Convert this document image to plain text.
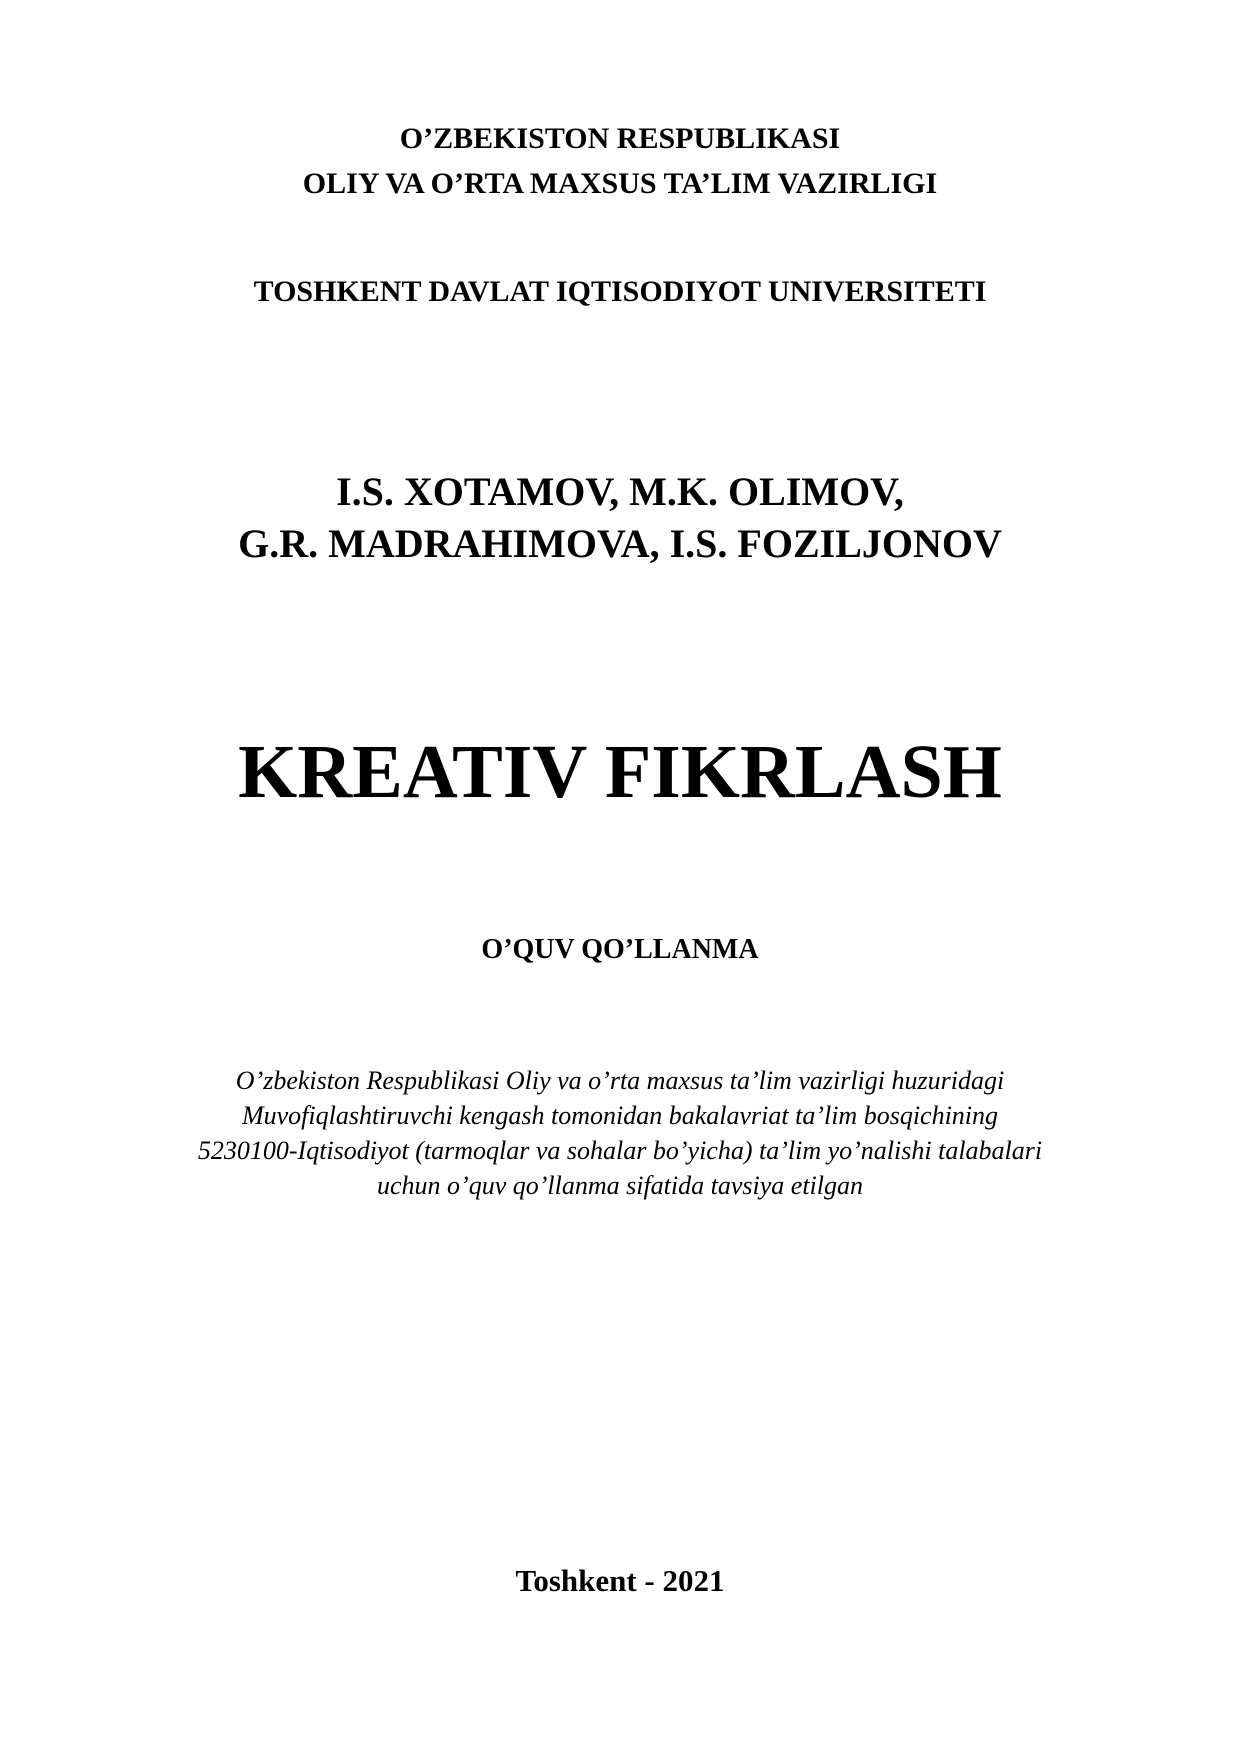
O’ZBEKISTON RESPUBLIKASI
OLIY VA O’RTA MAXSUS TA’LIM VAZIRLIGI
TOSHKENT DAVLAT IQTISODIYOT UNIVERSITETI
I.S. XOTAMOV, M.K. OLIMOV,
G.R. MADRAHIMOVA, I.S. FOZILJONOV
KREATIV FIKRLASH
O’QUV QO’LLANMA
O’zbekiston Respublikasi Oliy va o’rta maxsus ta’lim vazirligi huzuridagi
Muvofiqlashtiruvchi kengash tomonidan bakalavriat ta’lim bosqichining
5230100-Iqtisodiyot (tarmoqlar va sohalar bo’yicha) ta’lim yo’nalishi talabalari
uchun o’quv qo’llanma sifatida tavsiya etilgan
Toshkent - 2021
